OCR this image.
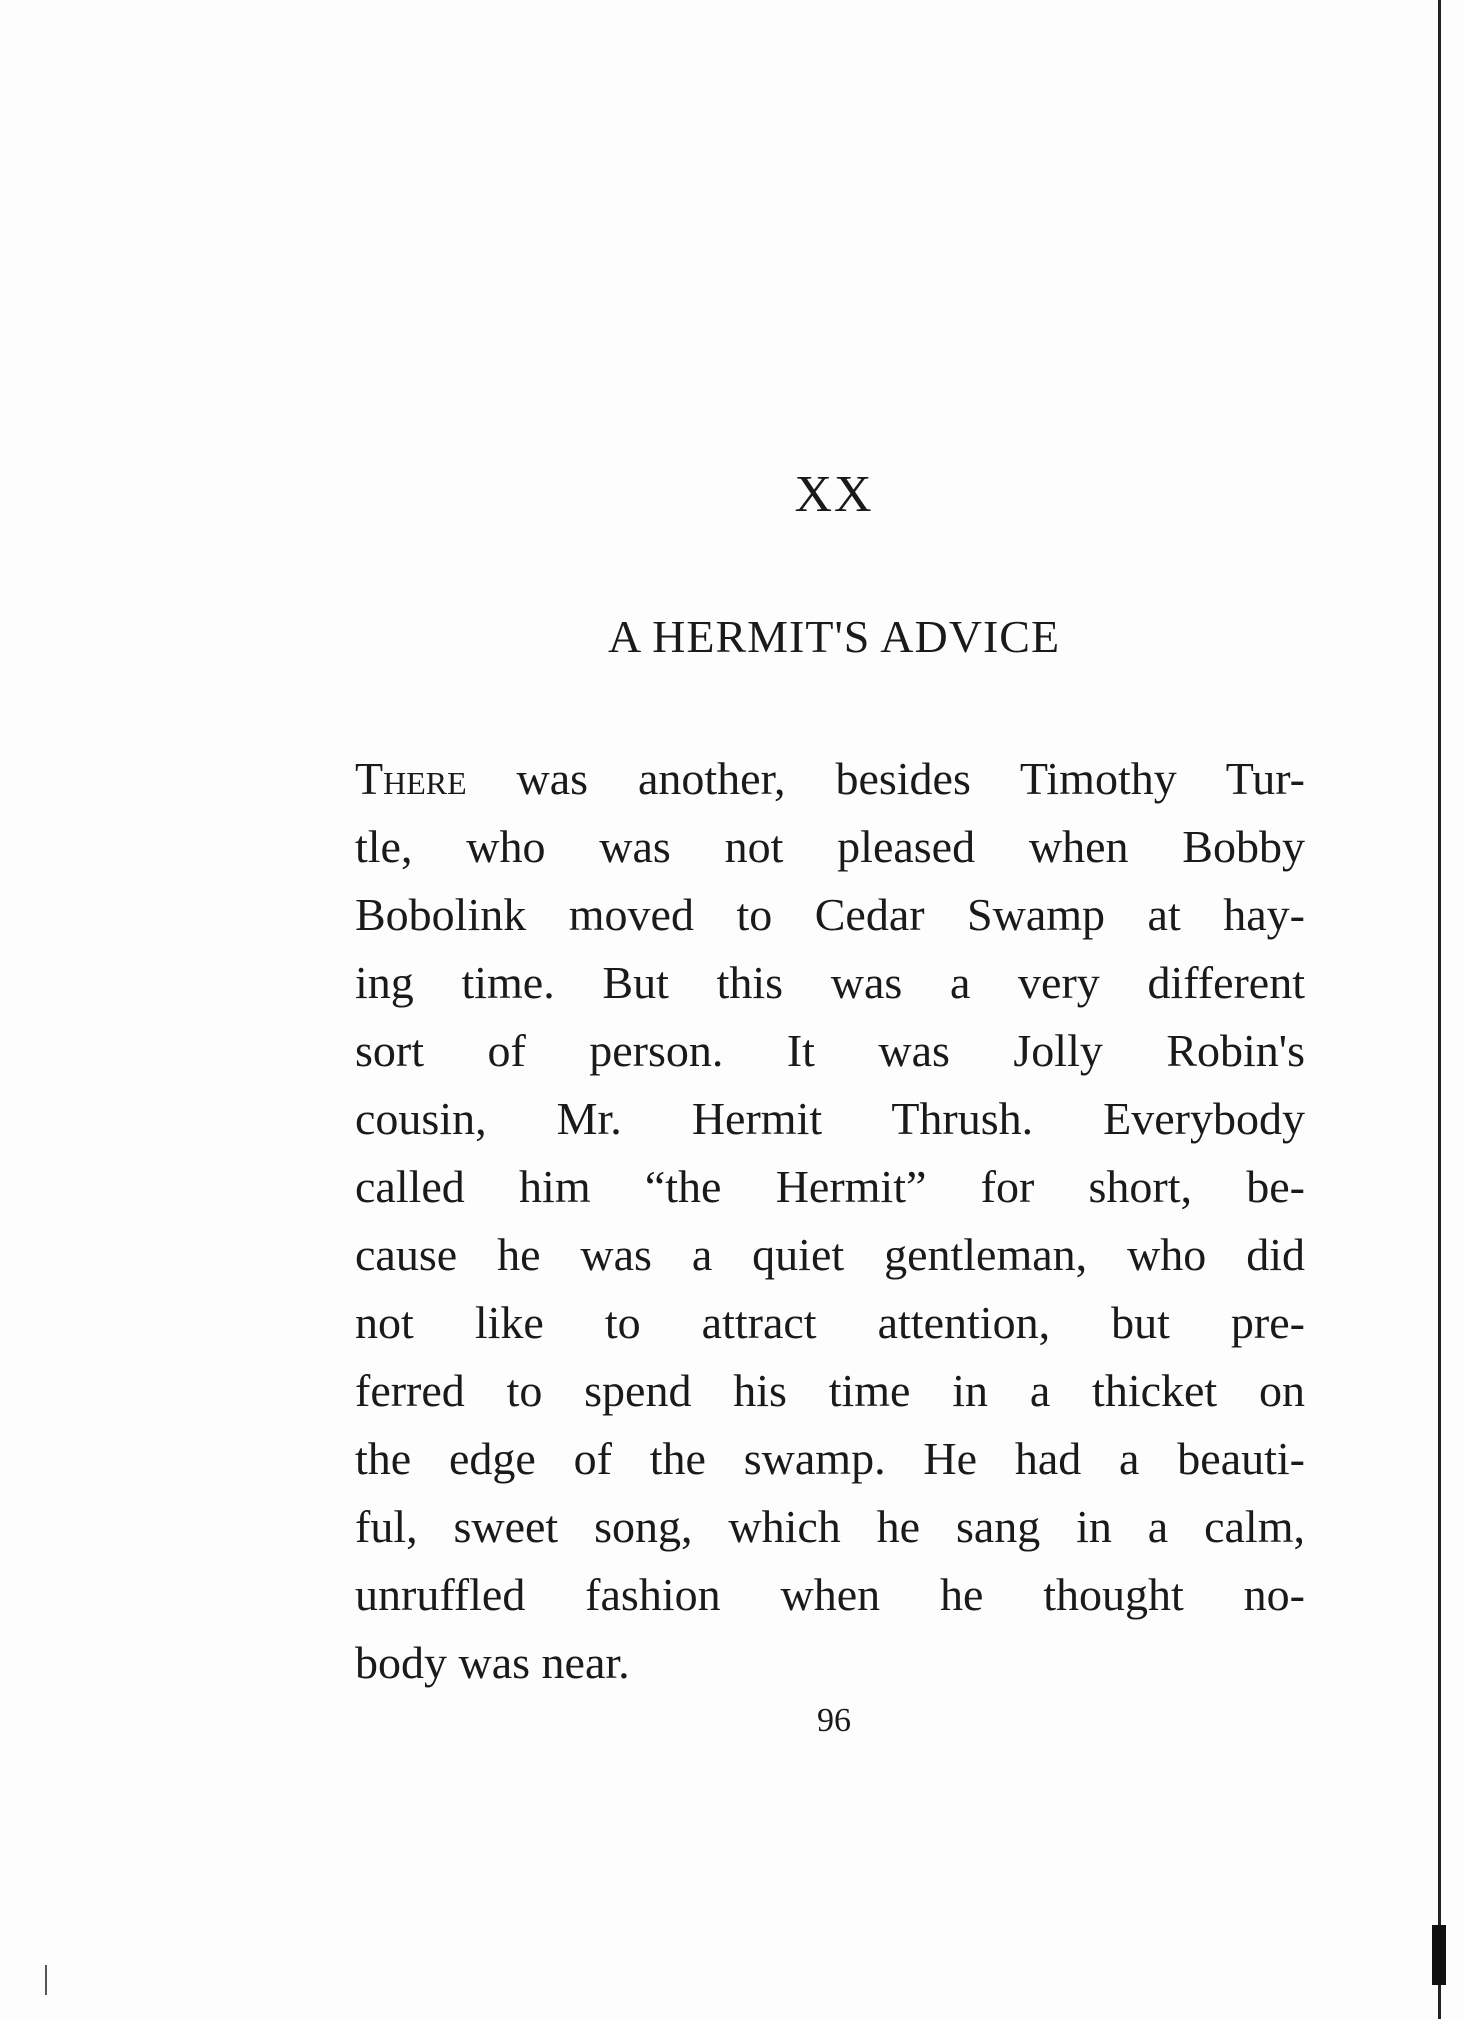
XX
A HERMIT'S ADVICE
There was another, besides Timothy Tur-
tle, who was not pleased when Bobby
Bobolink moved to Cedar Swamp at hay-
ing time. But this was a very different
sort of person. It was Jolly Robin's
cousin, Mr. Hermit Thrush. Everybody
called him “the Hermit” for short, be-
cause he was a quiet gentleman, who did
not like to attract attention, but pre-
ferred to spend his time in a thicket on
the edge of the swamp. He had a beauti-
ful, sweet song, which he sang in a calm,
unruffled fashion when he thought no-
body was near.
96
